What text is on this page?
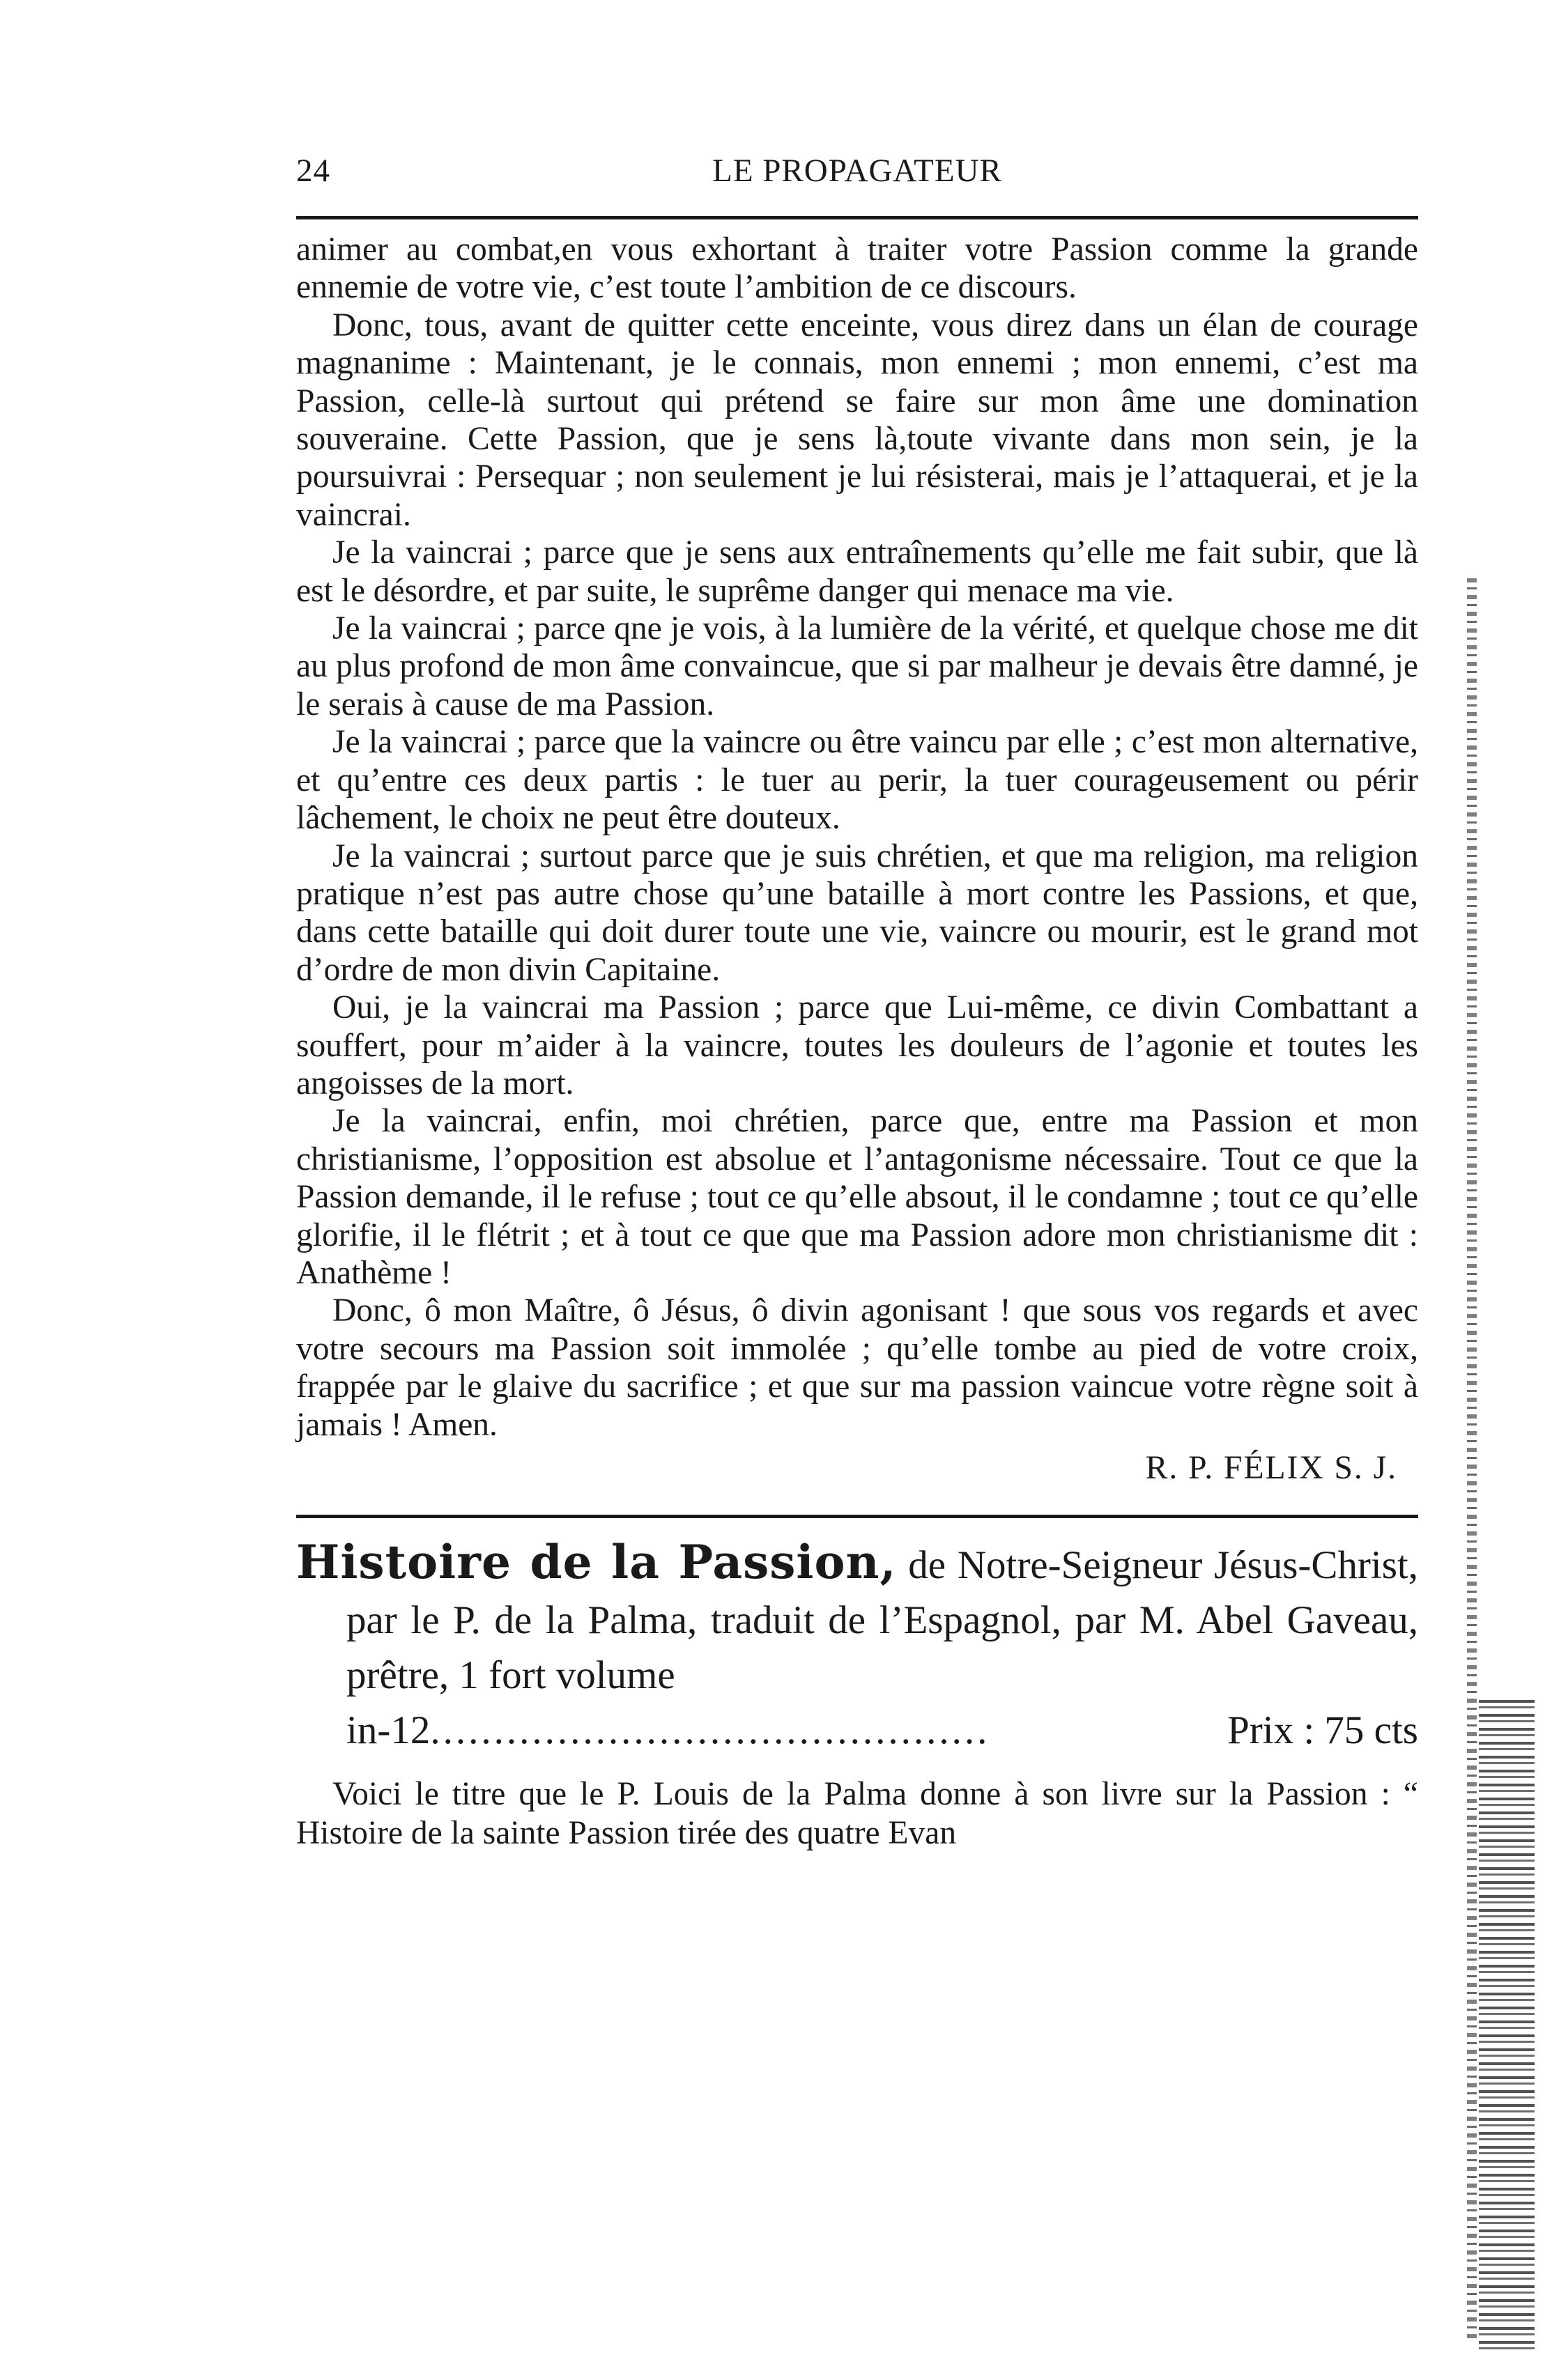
24	LE PROPAGATEUR

animer au combat,en vous exhortant à traiter votre Passion comme la grande ennemie de votre vie, c’est toute l’ambition de ce discours.

Donc, tous, avant de quitter cette enceinte, vous direz dans un élan de courage magnanime : Maintenant, je le connais, mon ennemi ; mon ennemi, c’est ma Passion, celle-là surtout qui prétend se faire sur mon âme une domination souveraine. Cette Passion, que je sens là,toute vivante dans mon sein, je la poursuivrai : Persequar ; non seulement je lui résisterai, mais je l’attaquerai, et je la vaincrai.

Je la vaincrai ; parce que je sens aux entraînements qu’elle me fait subir, que là est le désordre, et par suite, le suprême danger qui menace ma vie.

Je la vaincrai ; parce qne je vois, à la lumière de la vérité, et quelque chose me dit au plus profond de mon âme convaincue, que si par malheur je devais être damné, je le serais à cause de ma Passion.

Je la vaincrai ; parce que la vaincre ou être vaincu par elle ; c’est mon alternative, et qu’entre ces deux partis : le tuer au perir, la tuer courageusement ou périr lâchement, le choix ne peut être douteux.

Je la vaincrai ; surtout parce que je suis chrétien, et que ma religion, ma religion pratique n’est pas autre chose qu’une bataille à mort contre les Passions, et que, dans cette bataille qui doit durer toute une vie, vaincre ou mourir, est le grand mot d’ordre de mon divin Capitaine.

Oui, je la vaincrai ma Passion ; parce que Lui-même, ce divin Combattant a souffert, pour m’aider à la vaincre, toutes les douleurs de l’agonie et toutes les angoisses de la mort.

Je la vaincrai, enfin, moi chrétien, parce que, entre ma Passion et mon christianisme, l’opposition est absolue et l’antagonisme nécessaire. Tout ce que la Passion demande, il le refuse ; tout ce qu’elle absout, il le condamne ; tout ce qu’elle glorifie, il le flétrit ; et à tout ce que que ma Passion adore mon christianisme dit : Anathème !

Donc, ô mon Maître, ô Jésus, ô divin agonisant ! que sous vos regards et avec votre secours ma Passion soit immolée ; qu’elle tombe au pied de votre croix, frappée par le glaive du sacrifice ; et que sur ma passion vaincue votre règne soit à jamais ! Amen.

R. P. FÉLIX S. J.

Histoire de la Passion, de Notre-Seigneur Jésus-Christ, par le P. de la Palma, traduit de l’Espagnol, par M. Abel Gaveau, prêtre, 1 fort volume

in-12 ............................................	Prix : 75 cts

Voici le titre que le P. Louis de la Palma donne à son livre sur la Passion : “ Histoire de la sainte Passion tirée des quatre Evan
